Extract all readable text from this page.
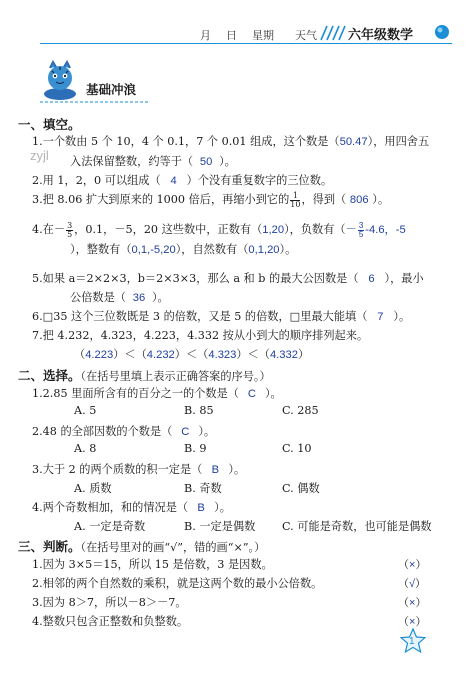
月 日 星期 天气 六年级数学
基础冲浪
一、填空。
1.一个数由 5 个 10，4 个 0.1，7 个 0.01 组成，这个数是（50.47），用四舍五
zyjl 入法保留整数，约等于（ 50 ）。
2.用 1，2，0 可以组成（ 4 ）个没有重复数字的三位数。
3.把 8.06 扩大到原来的 1000 倍后，再缩小到它的 $\frac{1}{10}$ ，得到（ 806 ）。
4.在－ $\frac{3}{5}$ ，0.1，－5，20 这些数中，正数有（1,20），负数有（－ $\frac{3}{5} -4.6$，-5
），整数有（0,1,-5,20），自然数有（0,1,20）。
5.如果 a＝2×2×3，b＝2×3×3，那么 a 和 b 的最大公因数是（ 6 ），最小
公倍数是（ 36 ）。
6.□35 这个三位数既是 3 的倍数，又是 5 的倍数，□里最大能填（ 7 ）。
7.把 4.232，4.323，4.223，4.332 按从小到大的顺序排列起来。
（4.223）＜（4.232）＜（4.323）＜（4.332）
二、选择。（在括号里填上表示正确答案的序号。）
1.2.85 里面所含有的百分之一的个数是（ C ）。
A. 5	B. 85	C. 285
2.48 的全部因数的个数是（ C ）。
A. 8	B. 9	C. 10
3.大于 2 的两个质数的积一定是（ B ）。
A. 质数	B. 奇数	C. 偶数
4.两个奇数相加，和的情况是（ B ）。
A. 一定是奇数	B. 一定是偶数 C. 可能是奇数，也可能是偶数
三、判断。（在括号里对的画“√”，错的画“×”。）
1.因为 3×5＝15，所以 15 是倍数，3 是因数。	（×）
2.相邻的两个自然数的乘积，就是这两个数的最小公倍数。	（√）
3.因为 8＞7，所以－8＞－7。	（×）
4.整数只包含正整数和负整数。	（×）
1
